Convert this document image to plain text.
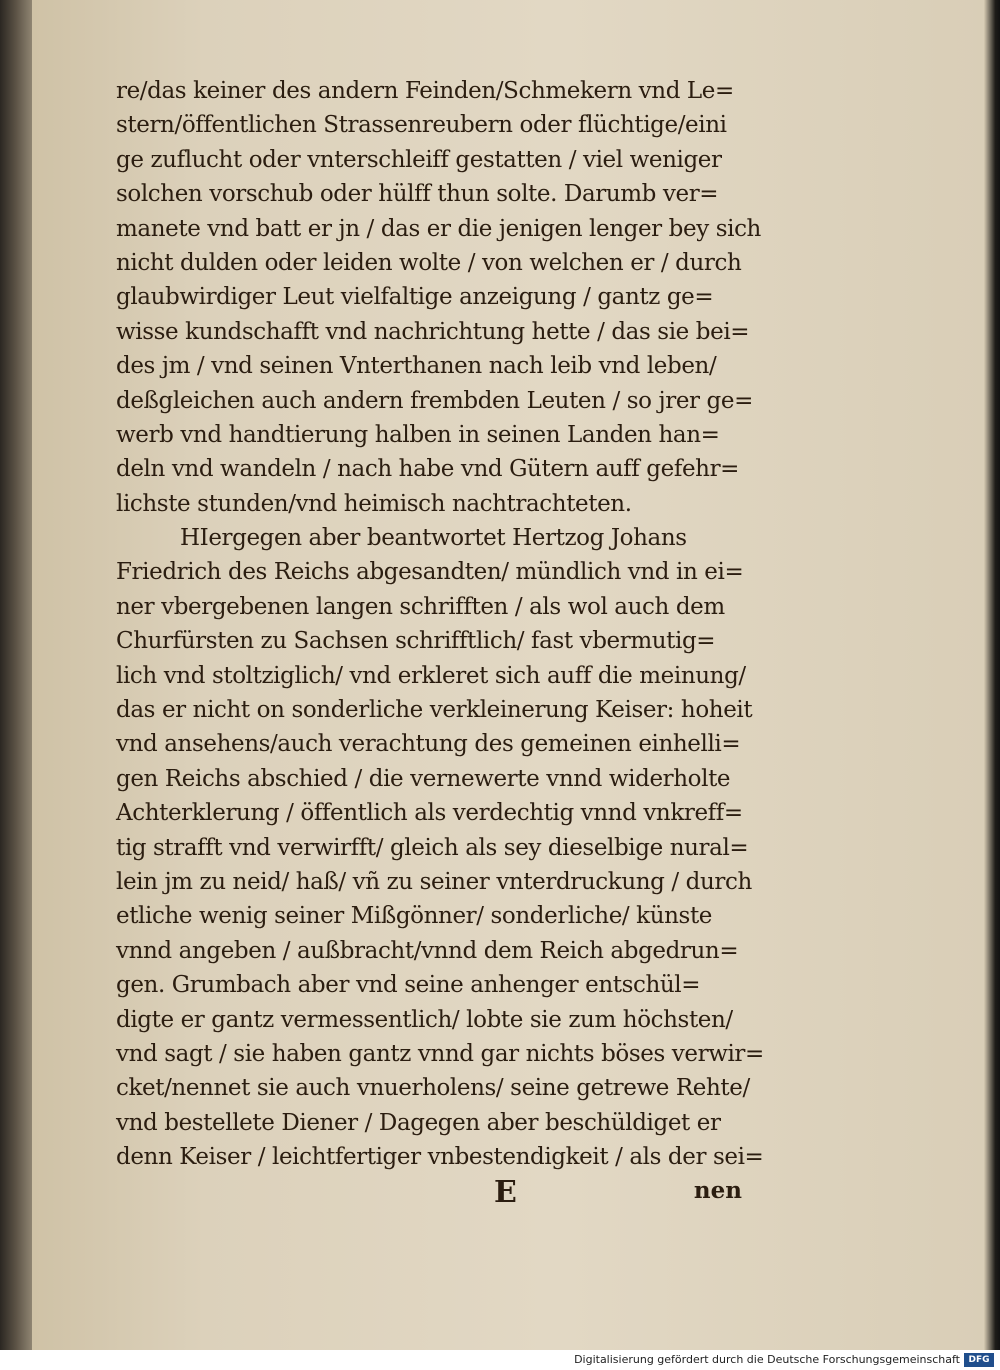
re/das keiner des andern Feinden/Schmekern vnd Le=
stern/öffentlichen Strassenreubern oder flüchtige/eini
ge zuflucht oder vnterschleiff gestatten / viel weniger
solchen vorschub oder hülff thun solte. Darumb ver=
manete vnd batt er jn / das er die jenigen lenger bey sich
nicht dulden oder leiden wolte / von welchen er / durch
glaubwirdiger Leut vielfaltige anzeigung / gantz ge=
wisse kundschafft vnd nachrichtung hette / das sie bei=
des jm / vnd seinen Vnterthanen nach leib vnd leben/
deßgleichen auch andern frembden Leuten / so jrer ge=
werb vnd handtierung halben in seinen Landen han=
deln vnd wandeln / nach habe vnd Gütern auff gefehr=
lichste stunden/vnd heimisch nachtrachteten.
HIergegen aber beantwortet Hertzog Johans
Friedrich des Reichs abgesandten/ mündlich vnd in ei=
ner vbergebenen langen schrifften / als wol auch dem
Churfürsten zu Sachsen schrifftlich/ fast vbermutig=
lich vnd stoltziglich/ vnd erkleret sich auff die meinung/
das er nicht on sonderliche verkleinerung Keiser: hoheit
vnd ansehens/auch verachtung des gemeinen einhelli=
gen Reichs abschied / die vernewerte vnnd widerholte
Achterklerung / öffentlich als verdechtig vnnd vnkreff=
tig strafft vnd verwirfft/ gleich als sey dieselbige nural=
lein jm zu neid/ haß/ vñ zu seiner vnterdruckung / durch
etliche wenig seiner Mißgönner/ sonderliche/ künste
vnnd angeben / außbracht/vnnd dem Reich abgedrun=
gen. Grumbach aber vnd seine anhenger entschül=
digte er gantz vermessentlich/ lobte sie zum höchsten/
vnd sagt / sie haben gantz vnnd gar nichts böses verwir=
cket/nennet sie auch vnuerholens/ seine getrewe Rehte/
vnd bestellete Diener / Dagegen aber beschüldiget er
denn Keiser / leichtfertiger vnbestendigkeit / als der sei=
E	nen
Digitalisierung gefördert durch die Deutsche Forschungsgemeinschaft DFG
